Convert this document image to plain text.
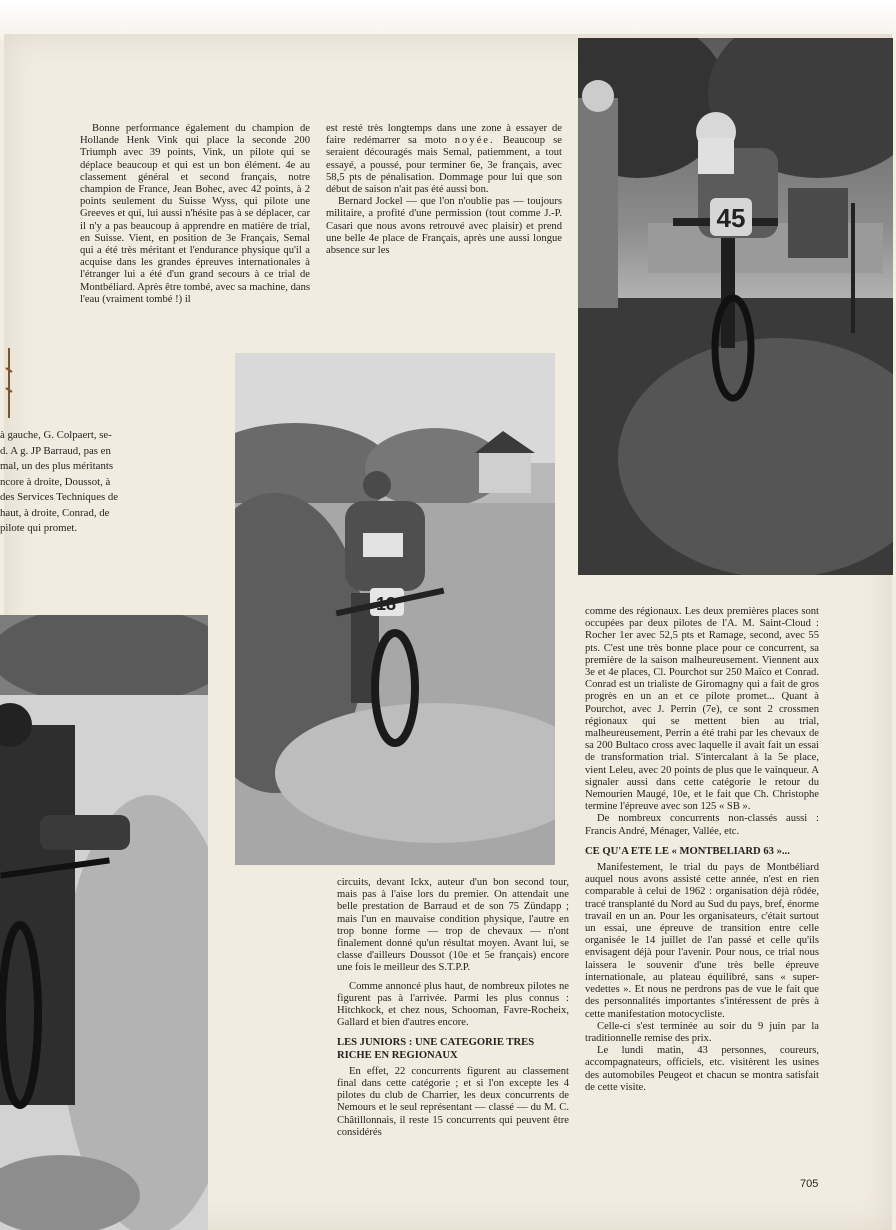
Bonne performance également du champion de Hollande Henk Vink qui place la seconde 200 Triumph avec 39 points, Vink, un pilote qui se déplace beaucoup et qui est un bon élément. 4e au classement général et second français, notre champion de France, Jean Bohec, avec 42 points, à 2 points seulement du Suisse Wyss, qui pilote une Greeves et qui, lui aussi n'hésite pas à se déplacer, car il n'y a pas beaucoup à apprendre en matière de trial, en Suisse. Vient, en position de 3e Français, Semal qui a été très méritant et l'endurance physique qu'il a acquise dans les grandes épreuves internationales à l'étranger lui a été d'un grand secours à ce trial de Montbéliard. Après être tombé, avec sa machine, dans l'eau (vraiment tombé !) il

est resté très longtemps dans une zone à essayer de faire redémarrer sa moto noyée. Beaucoup se seraient découragés mais Semal, patiemment, a tout essayé, a poussé, pour terminer 6e, 3e français, avec 58,5 pts de pénalisation. Dommage pour lui que son début de saison n'ait pas été aussi bon.

Bernard Jockel — que l'on n'oublie pas — toujours militaire, a profité d'une permission (tout comme J.-P. Casari que nous avons retrouvé avec plaisir) et prend une belle 4e place de Français, après une aussi longue absence sur les

45
à gauche, G. Colpaert, se-
d. A g. JP Barraud, pas en
mal, un des plus méritants
ncore à droite, Doussot, à
des Services Techniques de
haut, à droite, Conrad, de
pilote qui promet.

circuits, devant Ickx, auteur d'un bon second tour, mais pas à l'aise lors du premier. On attendait une belle prestation de Barraud et de son 75 Zündapp ; mais l'un en mauvaise condition physique, l'autre en trop bonne forme — trop de chevaux — n'ont finalement donné qu'un résultat moyen. Avant lui, se classe d'ailleurs Doussot (10e et 5e français) encore une fois le meilleur des S.T.P.P.

Comme annoncé plus haut, de nombreux pilotes ne figurent pas à l'arrivée. Parmi les plus connus : Hitchkock, et chez nous, Schooman, Favre-Rocheix, Gallard et bien d'autres encore.

LES JUNIORS : UNE CATEGORIE TRES RICHE EN REGIONAUX

En effet, 22 concurrents figurent au classement final dans cette catégorie ; et si l'on excepte les 4 pilotes du club de Charrier, les deux concurrents de Nemours et le seul représentant — classé — du M. C. Châtillonnais, il reste 15 concurrents qui peuvent être considérés

comme des régionaux. Les deux premières places sont occupées par deux pilotes de l'A. M. Saint-Cloud : Rocher 1er avec 52,5 pts et Ramage, second, avec 55 pts. C'est une très bonne place pour ce concurrent, sa première de la saison malheureusement. Viennent aux 3e et 4e places, Cl. Pourchot sur 250 Maïco et Conrad. Conrad est un trialiste de Giromagny qui a fait de gros progrès en un an et ce pilote promet... Quant à Pourchot, avec J. Perrin (7e), ce sont 2 crossmen régionaux qui se mettent bien au trial, malheureusement, Perrin a été trahi par les chevaux de sa 200 Bultaco cross avec laquelle il avait fait un essai de transformation trial. S'intercalant à la 5e place, vient Leleu, avec 20 points de plus que le vainqueur. A signaler aussi dans cette catégorie le retour du Nemourien Maugé, 10e, et le fait que Ch. Christophe termine l'épreuve avec son 125 « SB ».

De nombreux concurrents non-classés aussi : Francis André, Ménager, Vallée, etc.

CE QU'A ETE LE « MONTBELIARD 63 »...

Manifestement, le trial du pays de Montbéliard auquel nous avons assisté cette année, n'est en rien comparable à celui de 1962 : organisation déjà rôdée, tracé transplanté du Nord au Sud du pays, bref, énorme travail en un an. Pour les organisateurs, c'était surtout un essai, une épreuve de transition entre celle organisée le 14 juillet de l'an passé et celle qu'ils envisagent déjà pour l'avenir. Pour nous, ce trial nous laissera le souvenir d'une très belle épreuve internationale, au plateau équilibré, sans « super-vedettes ». Et nous ne perdrons pas de vue le fait que des personnalités importantes s'intéressent de près à cette manifestation motocycliste.

Celle-ci s'est terminée au soir du 9 juin par la traditionnelle remise des prix.

Le lundi matin, 43 personnes, coureurs, accompagnateurs, officiels, etc. visitèrent les usines des automobiles Peugeot et chacun se montra satisfait de cette visite.

705
